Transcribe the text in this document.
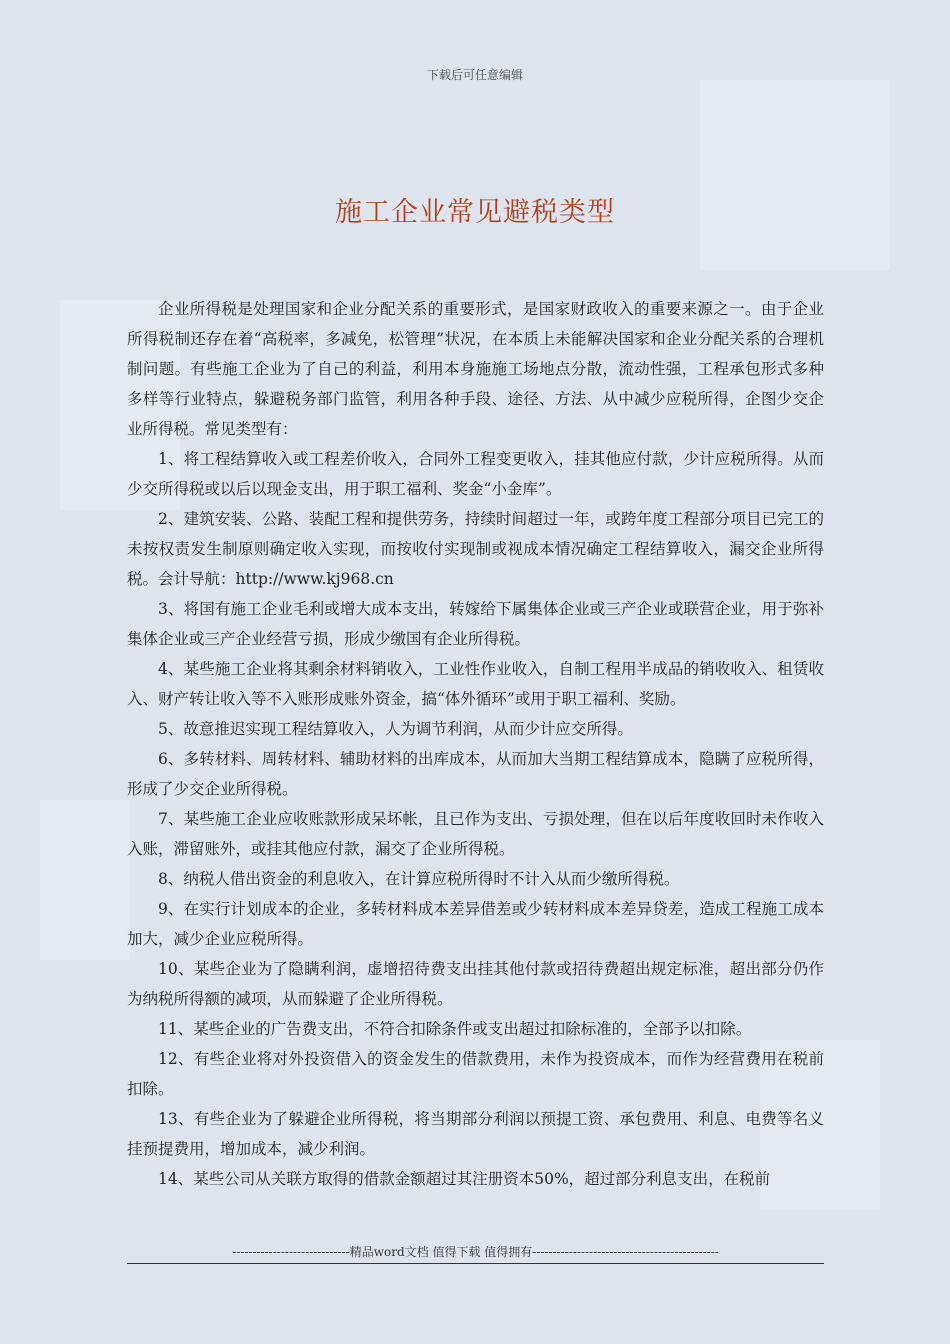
下载后可任意编辑
施工企业常见避税类型

企业所得税是处理国家和企业分配关系的重要形式，是国家财政收入的重要来源之一。由于企业所得税制还存在着“高税率，多减免，松管理”状况，在本质上未能解决国家和企业分配关系的合理机制问题。有些施工企业为了自己的利益，利用本身施施工场地点分散，流动性强，工程承包形式多种多样等行业特点，躲避税务部门监管，利用各种手段、途径、方法、从中减少应税所得，企图少交企业所得税。常见类型有：

1、将工程结算收入或工程差价收入，合同外工程变更收入，挂其他应付款，少计应税所得。从而少交所得税或以后以现金支出，用于职工福利、奖金“小金库”。

2、建筑安装、公路、装配工程和提供劳务，持续时间超过一年，或跨年度工程部分项目已完工的未按权责发生制原则确定收入实现，而按收付实现制或视成本情况确定工程结算收入，漏交企业所得税。会计导航：http://www.kj968.cn

3、将国有施工企业毛利或增大成本支出，转嫁给下属集体企业或三产企业或联营企业，用于弥补集体企业或三产企业经营亏损，形成少缴国有企业所得税。

4、某些施工企业将其剩余材料销收入，工业性作业收入，自制工程用半成品的销收收入、租赁收入、财产转让收入等不入账形成账外资金，搞“体外循环”或用于职工福利、奖励。

5、故意推迟实现工程结算收入，人为调节利润，从而少计应交所得。

6、多转材料、周转材料、辅助材料的出库成本，从而加大当期工程结算成本，隐瞒了应税所得，形成了少交企业所得税。

7、某些施工企业应收账款形成呆坏帐，且已作为支出、亏损处理，但在以后年度收回时未作收入入账，滞留账外，或挂其他应付款，漏交了企业所得税。

8、纳税人借出资金的利息收入，在计算应税所得时不计入从而少缴所得税。

9、在实行计划成本的企业，多转材料成本差异借差或少转材料成本差异贷差，造成工程施工成本加大，减少企业应税所得。

10、某些企业为了隐瞒利润，虚增招待费支出挂其他付款或招待费超出规定标准，超出部分仍作为纳税所得额的减项，从而躲避了企业所得税。

11、某些企业的广告费支出，不符合扣除条件或支出超过扣除标准的，全部予以扣除。

12、有些企业将对外投资借入的资金发生的借款费用，未作为投资成本，而作为经营费用在税前扣除。

13、有些企业为了躲避企业所得税，将当期部分利润以预提工资、承包费用、利息、电费等名义挂预提费用，增加成本，减少利润。

14、某些公司从关联方取得的借款金额超过其注册资本50%，超过部分利息支出，在税前

-----------------------------精品word文档 值得下载 值得拥有----------------------------------------------
